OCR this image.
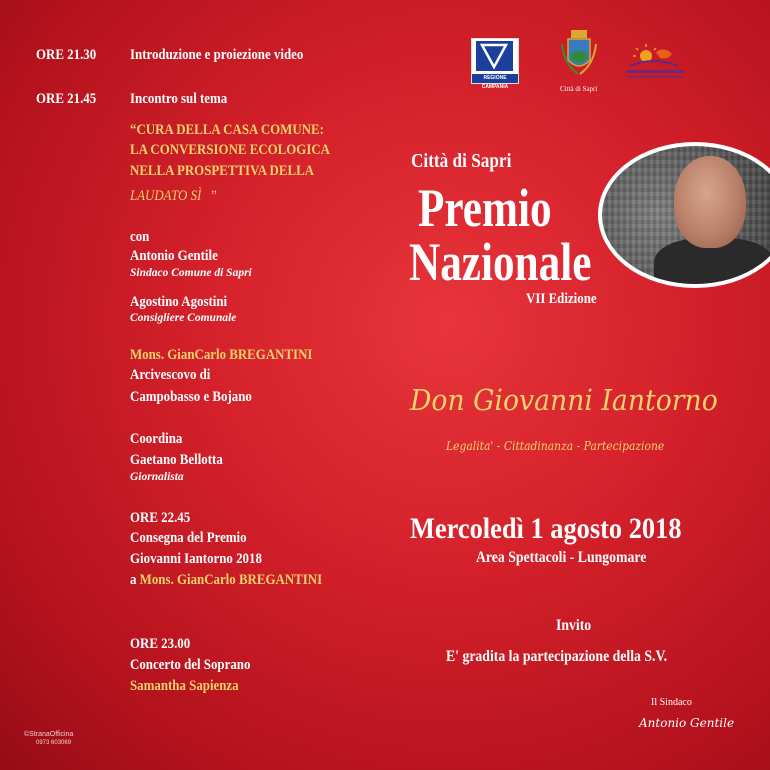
ORE 21.30	Introduzione e proiezione video
ORE 21.45	Incontro sul tema
“CURA DELLA CASA COMUNE:
LA CONVERSIONE ECOLOGICA
NELLA PROSPETTIVA DELLA
LAUDATO SÌ ”
con
Antonio Gentile
Sindaco Comune di Sapri
Agostino Agostini
Consigliere Comunale
Mons. GianCarlo BREGANTINI
Arcivescovo di
Campobasso e Bojano
Coordina
Gaetano Bellotta
Giornalista
ORE 22.45
Consegna del Premio
Giovanni Iantorno 2018
a Mons. GianCarlo BREGANTINI
ORE 23.00
Concerto del Soprano
Samantha Sapienza
©StranaOfficina
0973 603069
REGIONE CAMPANIA	Città di Sapri
Città di Sapri
Premio
Nazionale
VII Edizione
Don Giovanni Iantorno
Legalita' - Cittadinanza - Partecipazione
Mercoledì 1 agosto 2018
Area Spettacoli - Lungomare
Invito
E' gradita la partecipazione della S.V.
Il Sindaco
Antonio Gentile
